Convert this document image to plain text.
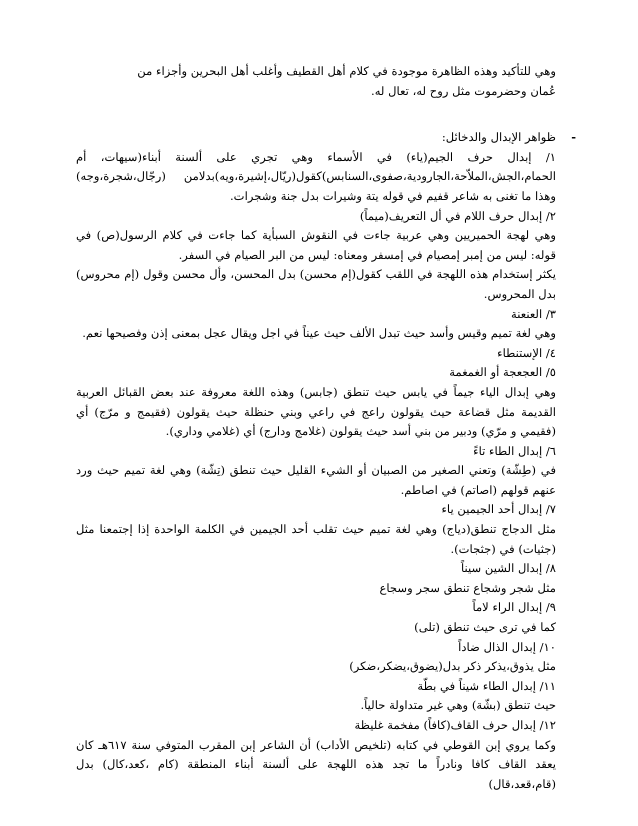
وهي للتأكيد وهذه الظاهرة موجودة في كلام أهل القطيف وأغلب أهل البحرين وأجزاء من

عُمان وحضرموت مثل روح له، تعال له.

-

ظواهر الإبدال والدخائل:

١/ إبدال حرف الجيم(ياء) في الأسماء وهي تجري على ألسنة أبناء(سيهات، أم الحمام،الجش،الملاّحة،الجارودية،صفوى،السنابس)كقول(ريّال،إشيرة،ويه)بدلامن (رجّال،شجرة،وجه) وهذا ما تغنى به شاعر قفيم في قوله يتة وشيرات بدل جنة وشجرات.

٢/ إبدال حرف اللام في أل التعريف(ميماً)

وهي لهجة الحميريين وهي عربية جاءت في النقوش السبأية كما جاءت في كلام الرسول(ص) في قوله: ليس من إمبر إمصيام في إمسفر ومعناه: ليس من البر الصيام في السفر.

يكثر إستخدام هذه اللهجة في اللقب كقول(إم محسن) بدل المحسن، وأل محسن وقول (إم محروس) بدل المحروس.

٣/ العنعنة

وهي لغة تميم وقيس وأسد حيث تبدل الألف حيث عيناً في اجل ويقال عجل بمعنى إذن وفصيحها نعم.

٤/ الإستنطاء

٥/ العجعجة أو الغمغمة

وهي إبدال الياء جيماً في يابس حيث تنطق (جابس) وهذه اللغة معروفة عند بعض القبائل العربية القديمة مثل قضاعة حيث يقولون راعج في راعي وبني حنظلة حيث يقولون (فقيمج و مرّج) أي (فقيمي و مرّي) ودبير من بني أسد حيث يقولون (غلامج ودارج) أي (غلامي وداري).

٦/ إبدال الطاء تاءً

في (طِشّة) وتعني الصغير من الصبيان أو الشيء القليل حيث تنطق (تِشّة) وهي لغة تميم حيث ورد عنهم قولهم (اصاتم) في اصاطم.

٧/ إبدال أحد الجيمين ياء

مثل الدجاج تنطق(دياج) وهي لغة تميم حيث تقلب أحد الجيمين في الكلمة الواحدة إذا إجتمعنا مثل (جثيات) في (جثجات).

٨/ إبدال الشين سيناً

مثل شجر وشجاع تنطق سجر وسجاع

٩/ إبدال الراء لاماً

كما في ترى حيث تنطق (تلى)

١٠/ إبدال الذال ضاداً

مثل يذوق،يذكر ذكر بدل(يضوق،يضكر،ضكر)

١١/ إبدال الطاء شيناً في بطّة

حيث تنطق (بشّة) وهي غير متداولة حالياً.

١٢/ إبدال حرف القاف(كافاً) مفخمة غليظة

وكما يروي إبن القوطي في كتابه (تلخيص الأداب) أن الشاعر إبن المقرب المتوفي سنة ٦١٧هـ كان يعقد القاف كافا ونادراً ما تجد هذه اللهجة على ألسنة أبناء المنطقة (كام ،كعد،كال) بدل (قام،قعد،قال)
